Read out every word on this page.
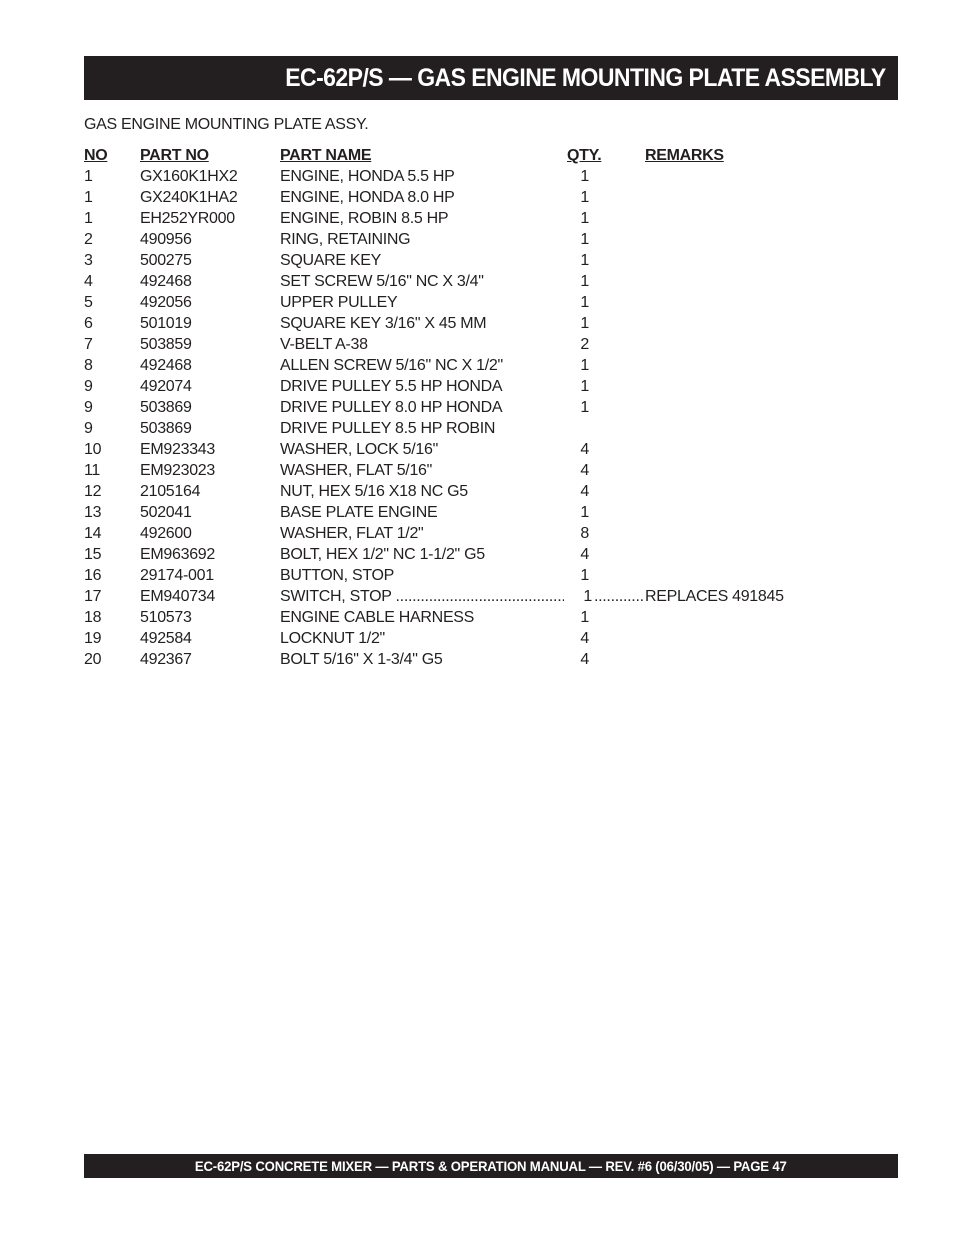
EC-62P/S — GAS ENGINE MOUNTING PLATE ASSEMBLY
GAS ENGINE MOUNTING PLATE ASSY.
NO PART NO	PART NAME	QTY.	REMARKS
1	GX160K1HX2	ENGINE, HONDA 5.5 HP	1
1	GX240K1HA2	ENGINE, HONDA 8.0 HP	1
1	EH252YR000	ENGINE, ROBIN 8.5 HP	1
2	490956	RING, RETAINING	1
3	500275	SQUARE KEY	1
4	492468	SET SCREW 5/16" NC X 3/4"	1
5	492056	UPPER PULLEY	1
6	501019	SQUARE KEY 3/16" X 45 MM	1
7	503859	V-BELT A-38	2
8	492468	ALLEN SCREW 5/16" NC X 1/2"	1
9	492074	DRIVE PULLEY 5.5 HP HONDA	1
9	503869	DRIVE PULLEY 8.0 HP HONDA	1
9	503869	DRIVE PULLEY 8.5 HP ROBIN
10 EM923343	WASHER, LOCK 5/16"	4
11 EM923023	WASHER, FLAT 5/16"	4
12 2105164	NUT, HEX 5/16 X18 NC G5	4
13 502041	BASE PLATE ENGINE	1
14 492600	WASHER, FLAT 1/2"	8
15 EM963692	BOLT, HEX 1/2" NC 1-1/2" G5	4
16 29174-001	BUTTON, STOP	1
.....
17 EM940734	SWITCH, STOP .....	1	REPLACES 491845
18 510573	ENGINE CABLE HARNESS	1
19 492584	LOCKNUT 1/2"	4
20 492367	BOLT 5/16" X 1-3/4" G5	4
EC-62P/S CONCRETE MIXER — PARTS & OPERATION MANUAL — REV. #6 (06/30/05) — PAGE 47
